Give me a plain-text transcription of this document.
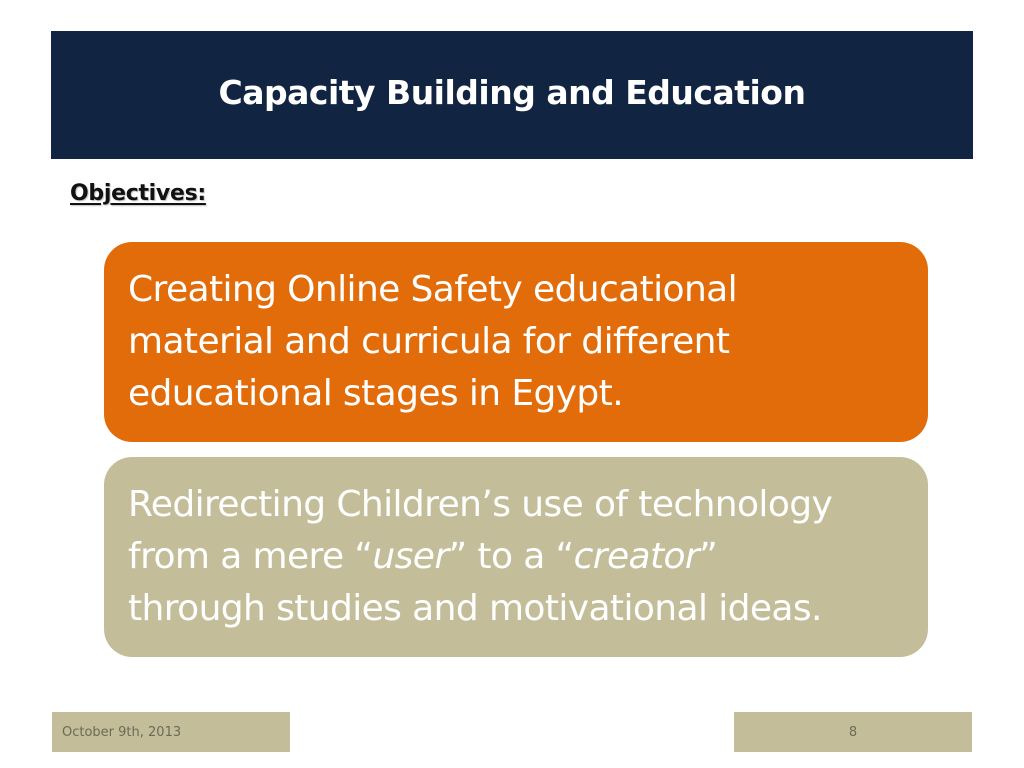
Capacity Building and Education
Objectives:
Creating Online Safety educational
material and curricula for different
educational stages in Egypt.
Redirecting Children’s use of technology
from a mere “user” to a “creator”
through studies and motivational ideas.
October 9th, 2013	8
